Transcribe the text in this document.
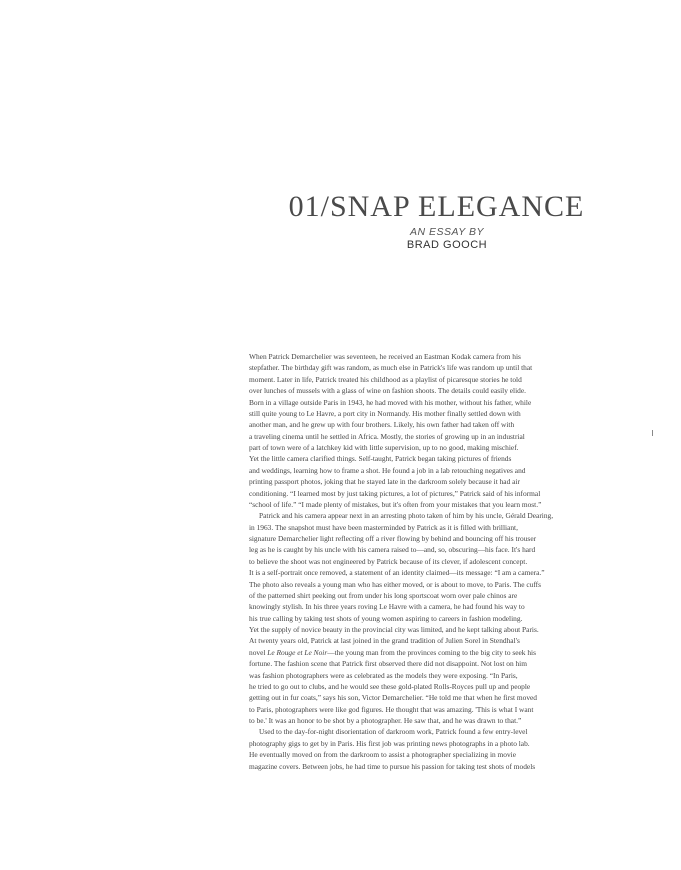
01/SNAP ELEGANCE
AN ESSAY BY
BRAD GOOCH
When Patrick Demarchelier was seventeen, he received an Eastman Kodak camera from his
stepfather. The birthday gift was random, as much else in Patrick's life was random up until that
moment. Later in life, Patrick treated his childhood as a playlist of picaresque stories he told
over lunches of mussels with a glass of wine on fashion shoots. The details could easily elide.
Born in a village outside Paris in 1943, he had moved with his mother, without his father, while
still quite young to Le Havre, a port city in Normandy. His mother finally settled down with
another man, and he grew up with four brothers. Likely, his own father had taken off with
a traveling cinema until he settled in Africa. Mostly, the stories of growing up in an industrial
part of town were of a latchkey kid with little supervision, up to no good, making mischief.
Yet the little camera clarified things. Self-taught, Patrick began taking pictures of friends
and weddings, learning how to frame a shot. He found a job in a lab retouching negatives and
printing passport photos, joking that he stayed late in the darkroom solely because it had air
conditioning. “I learned most by just taking pictures, a lot of pictures,” Patrick said of his informal
“school of life.” “I made plenty of mistakes, but it's often from your mistakes that you learn most.”
Patrick and his camera appear next in an arresting photo taken of him by his uncle, Gérald Dearing,
in 1963. The snapshot must have been masterminded by Patrick as it is filled with brilliant,
signature Demarchelier light reflecting off a river flowing by behind and bouncing off his trouser
leg as he is caught by his uncle with his camera raised to—and, so, obscuring—his face. It's hard
to believe the shoot was not engineered by Patrick because of its clever, if adolescent concept.
It is a self-portrait once removed, a statement of an identity claimed—its message: “I am a camera.”
The photo also reveals a young man who has either moved, or is about to move, to Paris. The cuffs
of the patterned shirt peeking out from under his long sportscoat worn over pale chinos are
knowingly stylish. In his three years roving Le Havre with a camera, he had found his way to
his true calling by taking test shots of young women aspiring to careers in fashion modeling.
Yet the supply of novice beauty in the provincial city was limited, and he kept talking about Paris.
At twenty years old, Patrick at last joined in the grand tradition of Julien Sorel in Stendhal's
novel Le Rouge et Le Noir—the young man from the provinces coming to the big city to seek his
fortune. The fashion scene that Patrick first observed there did not disappoint. Not lost on him
was fashion photographers were as celebrated as the models they were exposing. “In Paris,
he tried to go out to clubs, and he would see these gold-plated Rolls-Royces pull up and people
getting out in fur coats,” says his son, Victor Demarchelier. “He told me that when he first moved
to Paris, photographers were like god figures. He thought that was amazing. 'This is what I want
to be.' It was an honor to be shot by a photographer. He saw that, and he was drawn to that.”
Used to the day-for-night disorientation of darkroom work, Patrick found a few entry-level
photography gigs to get by in Paris. His first job was printing news photographs in a photo lab.
He eventually moved on from the darkroom to assist a photographer specializing in movie
magazine covers. Between jobs, he had time to pursue his passion for taking test shots of models
